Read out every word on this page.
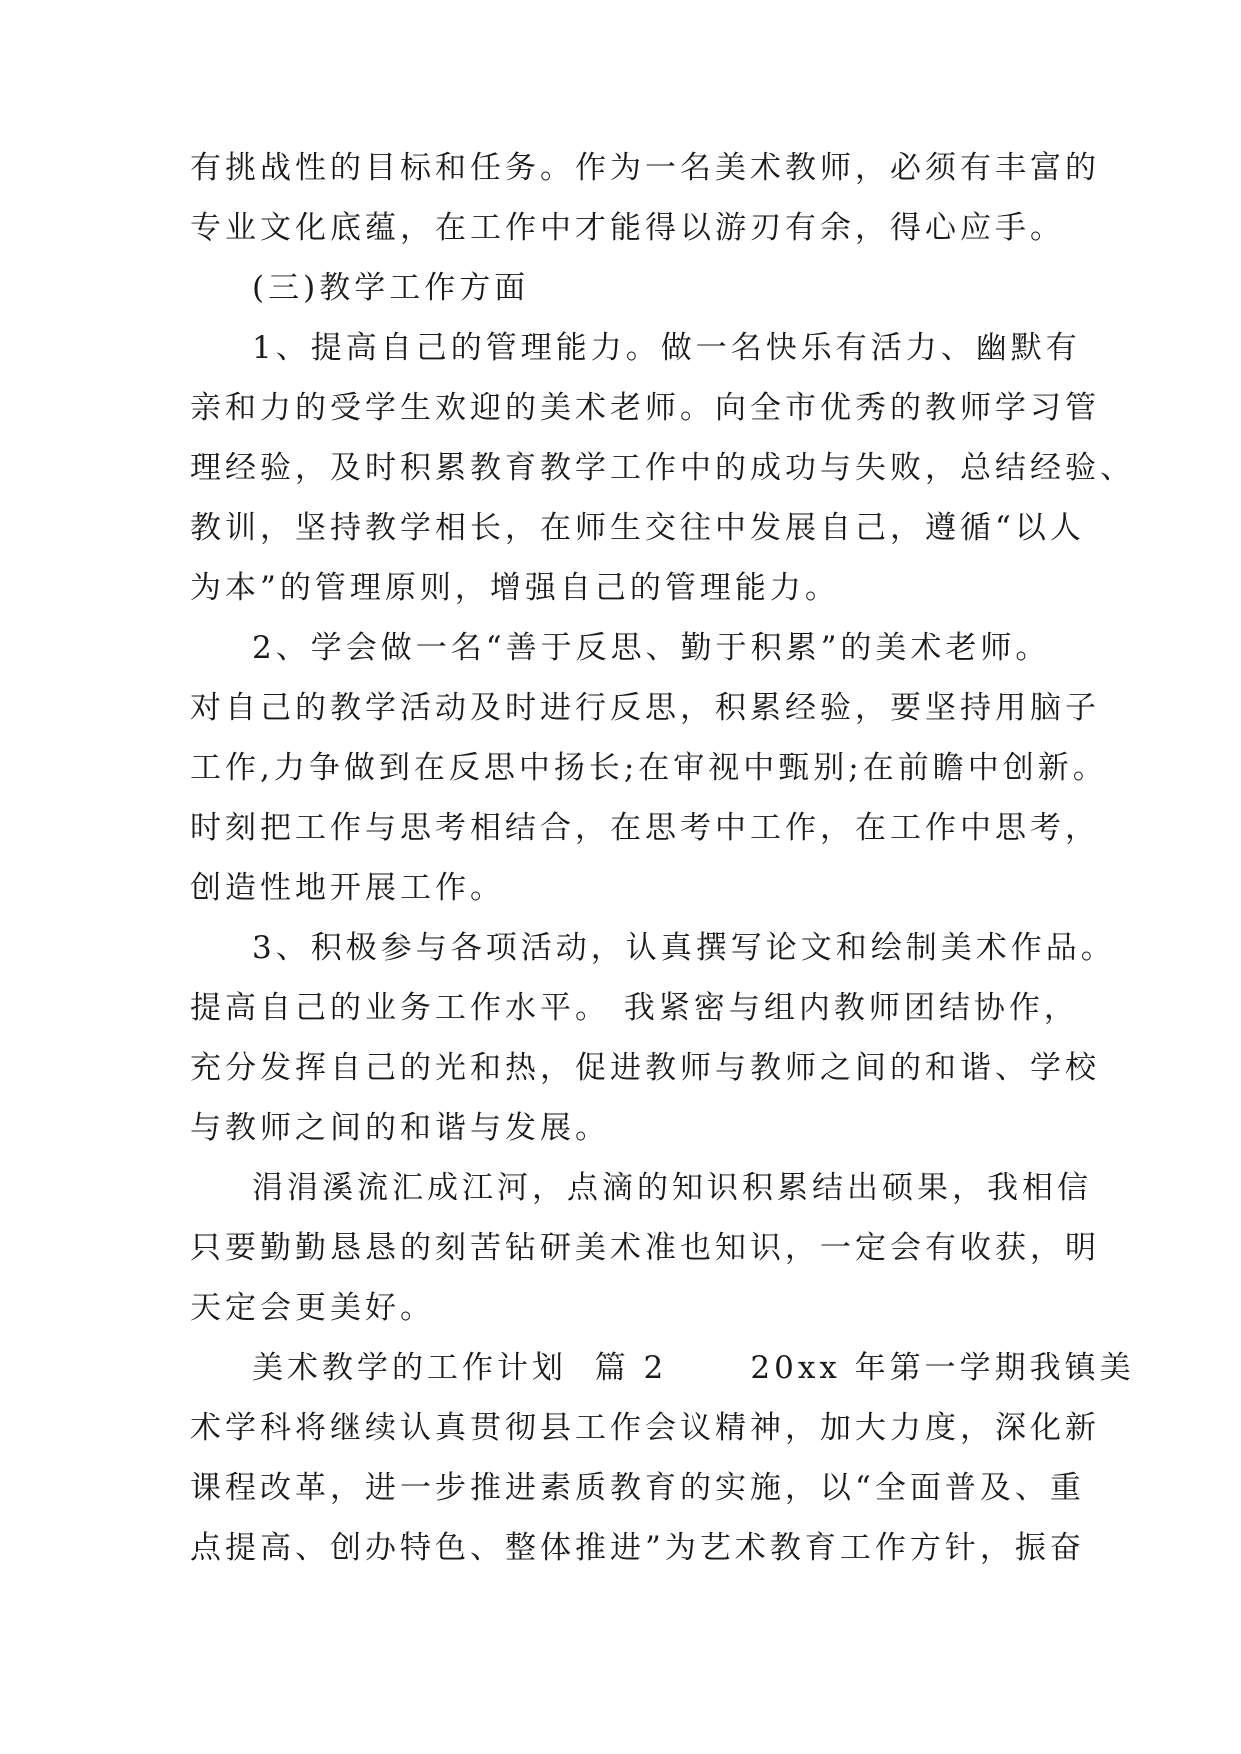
有挑战性的目标和任务。作为一名美术教师，必须有丰富的
专业文化底蕴，在工作中才能得以游刃有余，得心应手。
(三)教学工作方面
1、提高自己的管理能力。做一名快乐有活力、幽默有
亲和力的受学生欢迎的美术老师。向全市优秀的教师学习管
理经验，及时积累教育教学工作中的成功与失败，总结经验、
教训，坚持教学相长，在师生交往中发展自己，遵循“以人
为本”的管理原则，增强自己的管理能力。
2、学会做一名“善于反思、勤于积累”的美术老师。
对自己的教学活动及时进行反思，积累经验，要坚持用脑子
工作,力争做到在反思中扬长;在审视中甄别;在前瞻中创新。
时刻把工作与思考相结合，在思考中工作，在工作中思考，
创造性地开展工作。
3、积极参与各项活动，认真撰写论文和绘制美术作品。
提高自己的业务工作水平。 我紧密与组内教师团结协作，
充分发挥自己的光和热，促进教师与教师之间的和谐、学校
与教师之间的和谐与发展。
涓涓溪流汇成江河，点滴的知识积累结出硕果，我相信
只要勤勤恳恳的刻苦钻研美术准也知识，一定会有收获，明
天定会更美好。
美术教学的工作计划  篇 2      20xx 年第一学期我镇美
术学科将继续认真贯彻县工作会议精神，加大力度，深化新
课程改革，进一步推进素质教育的实施，以“全面普及、重
点提高、创办特色、整体推进”为艺术教育工作方针，振奋
